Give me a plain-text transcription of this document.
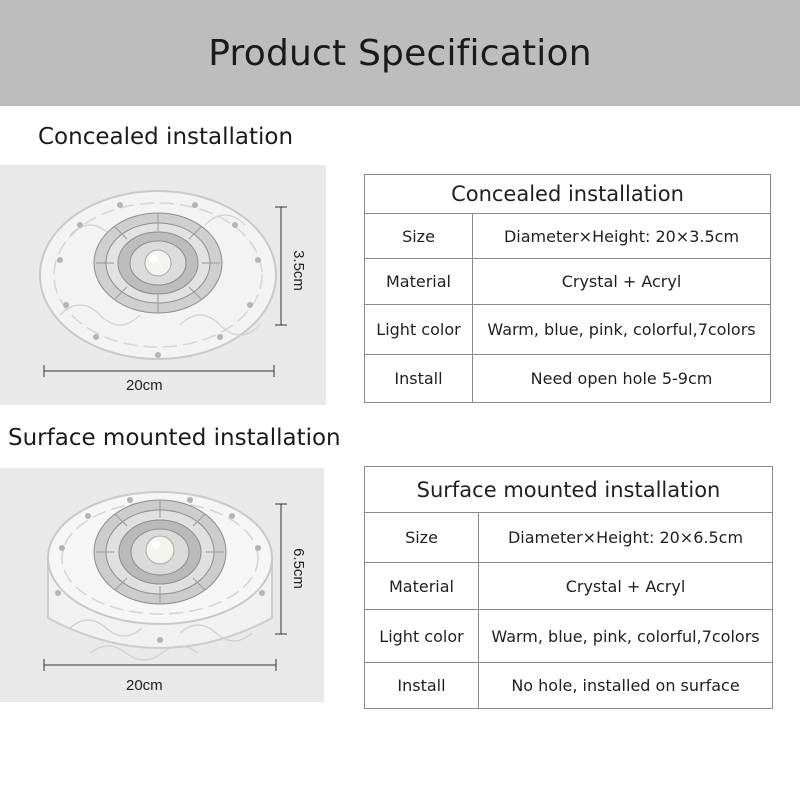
Product Specification
Concealed installation
20cm
3.5cm
Concealed installation	
Size	Diameter×Height: 20×3.5cm
Material	Crystal + Acryl
Light color	Warm, blue, pink, colorful,7colors
Install	Need open hole 5-9cm
Surface mounted installation
20cm
6.5cm
Surface mounted installation	
Size	Diameter×Height: 20×6.5cm
Material	Crystal + Acryl
Light color	Warm, blue, pink, colorful,7colors
Install	No hole, installed on surface
